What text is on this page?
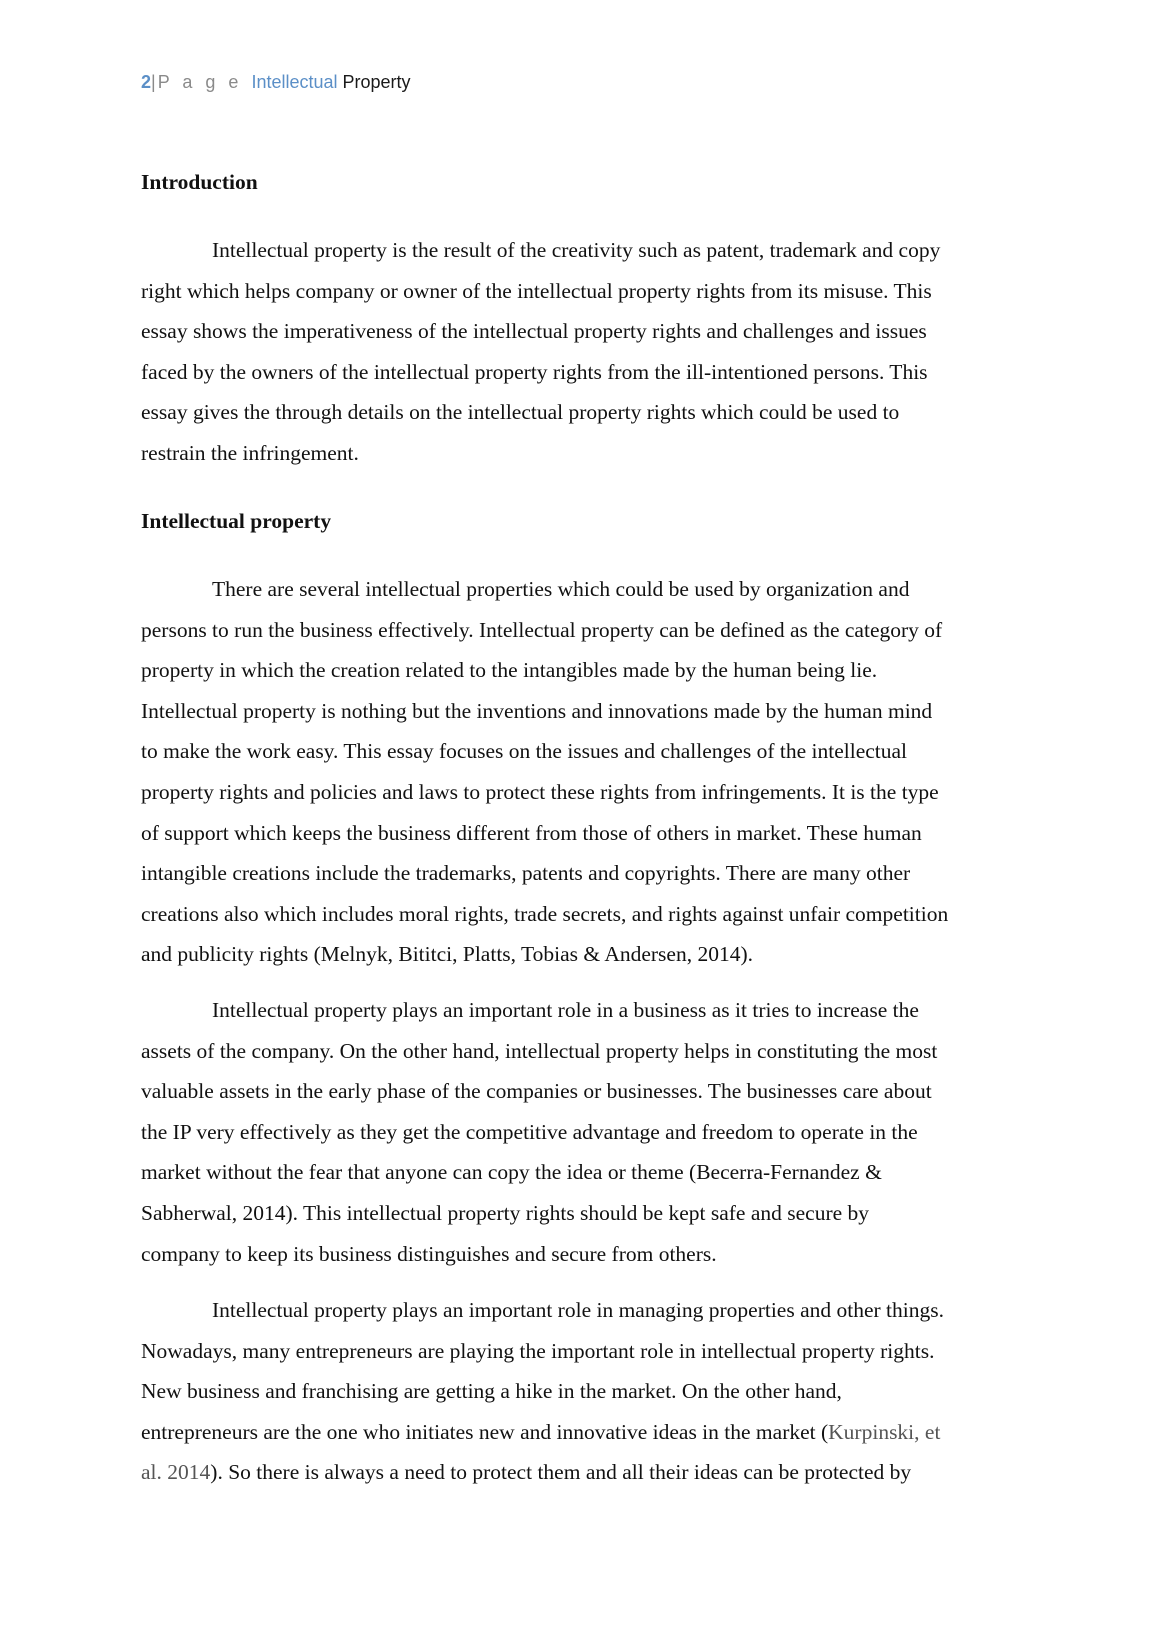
2| P a g e Intellectual Property
Introduction
Intellectual property is the result of the creativity such as patent, trademark and copy
right which helps company or owner of the intellectual property rights from its misuse. This
essay shows the imperativeness of the intellectual property rights and challenges and issues
faced by the owners of the intellectual property rights from the ill-intentioned persons. This
essay gives the through details on the intellectual property rights which could be used to
restrain the infringement.
Intellectual property
There are several intellectual properties which could be used by organization and
persons to run the business effectively. Intellectual property can be defined as the category of
property in which the creation related to the intangibles made by the human being lie.
Intellectual property is nothing but the inventions and innovations made by the human mind
to make the work easy. This essay focuses on the issues and challenges of the intellectual
property rights and policies and laws to protect these rights from infringements. It is the type
of support which keeps the business different from those of others in market. These human
intangible creations include the trademarks, patents and copyrights. There are many other
creations also which includes moral rights, trade secrets, and rights against unfair competition
and publicity rights (Melnyk, Bititci, Platts, Tobias & Andersen, 2014).
Intellectual property plays an important role in a business as it tries to increase the
assets of the company. On the other hand, intellectual property helps in constituting the most
valuable assets in the early phase of the companies or businesses. The businesses care about
the IP very effectively as they get the competitive advantage and freedom to operate in the
market without the fear that anyone can copy the idea or theme (Becerra-Fernandez &
Sabherwal, 2014). This intellectual property rights should be kept safe and secure by
company to keep its business distinguishes and secure from others.
Intellectual property plays an important role in managing properties and other things.
Nowadays, many entrepreneurs are playing the important role in intellectual property rights.
New business and franchising are getting a hike in the market. On the other hand,
entrepreneurs are the one who initiates new and innovative ideas in the market (Kurpinski, et
al. 2014). So there is always a need to protect them and all their ideas can be protected by
